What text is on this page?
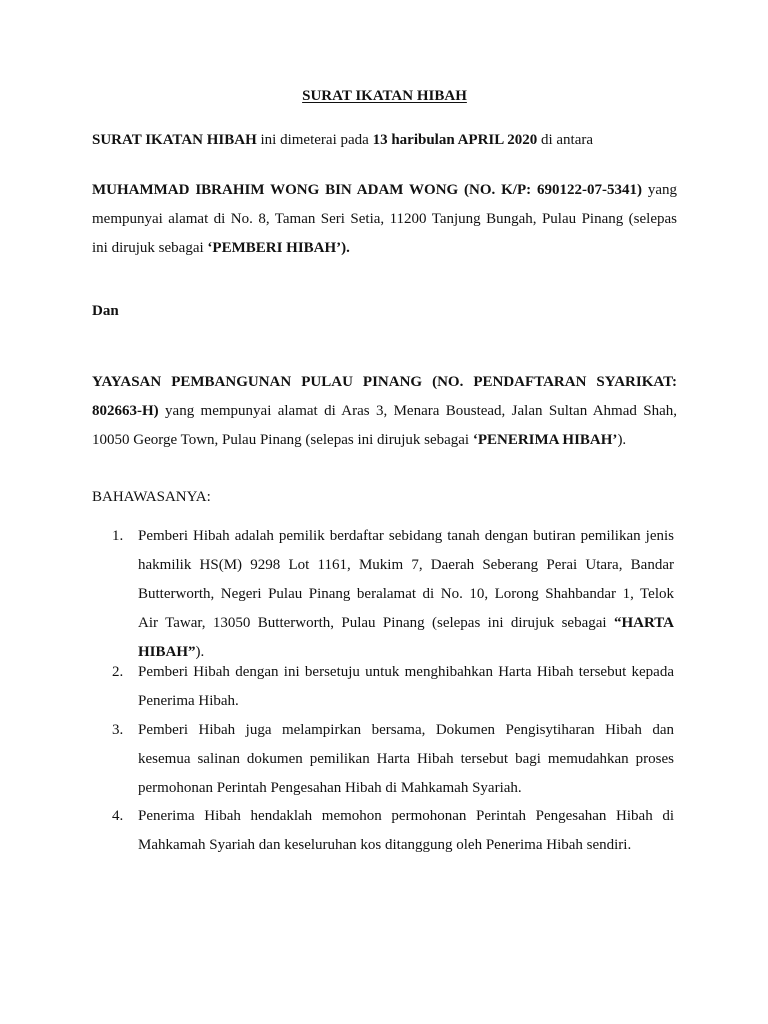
SURAT IKATAN HIBAH

SURAT IKATAN HIBAH ini dimeterai pada 13 haribulan APRIL 2020 di antara

MUHAMMAD IBRAHIM WONG BIN ADAM WONG (NO. K/P: 690122-07-5341) yang
mempunyai alamat di No. 8, Taman Seri Setia, 11200 Tanjung Bungah, Pulau Pinang (selepas
ini dirujuk sebagai ‘PEMBERI HIBAH’).

Dan

YAYASAN PEMBANGUNAN PULAU PINANG (NO. PENDAFTARAN SYARIKAT:
802663-H) yang mempunyai alamat di Aras 3, Menara Boustead, Jalan Sultan Ahmad Shah,
10050 George Town, Pulau Pinang (selepas ini dirujuk sebagai ‘PENERIMA HIBAH’).

BAHAWASANYA:

1. Pemberi Hibah adalah pemilik berdaftar sebidang tanah dengan butiran pemilikan jenis
hakmilik HS(M) 9298 Lot 1161, Mukim 7, Daerah Seberang Perai Utara, Bandar
Butterworth, Negeri Pulau Pinang beralamat di No. 10, Lorong Shahbandar 1, Telok
Air Tawar, 13050 Butterworth, Pulau Pinang (selepas ini dirujuk sebagai “HARTA
HIBAH”).
2. Pemberi Hibah dengan ini bersetuju untuk menghibahkan Harta Hibah tersebut kepada
Penerima Hibah.
3. Pemberi Hibah juga melampirkan bersama, Dokumen Pengisytiharan Hibah dan
kesemua salinan dokumen pemilikan Harta Hibah tersebut bagi memudahkan proses
permohonan Perintah Pengesahan Hibah di Mahkamah Syariah.
4. Penerima Hibah hendaklah memohon permohonan Perintah Pengesahan Hibah di
Mahkamah Syariah dan keseluruhan kos ditanggung oleh Penerima Hibah sendiri.
